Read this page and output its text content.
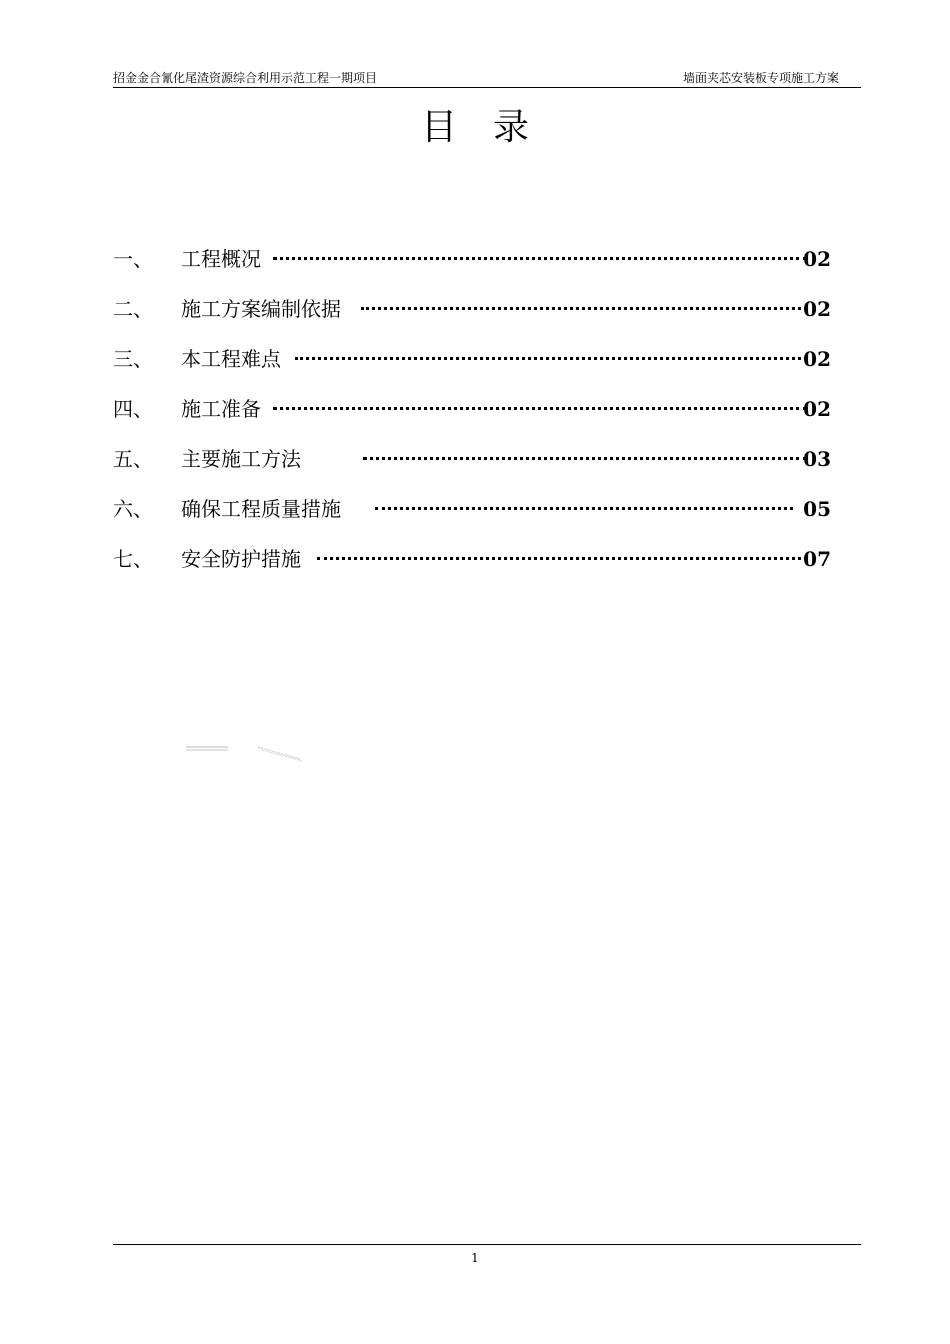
招金金合氰化尾渣资源综合利用示范工程一期项目	墙面夹芯安装板专项施工方案
目 录
一、 工程概况	02
二、 施工方案编制依据	02
三、 本工程难点	02
四、 施工准备	02
五、 主要施工方法	03
六、 确保工程质量措施	05
七、 安全防护措施	07
1
